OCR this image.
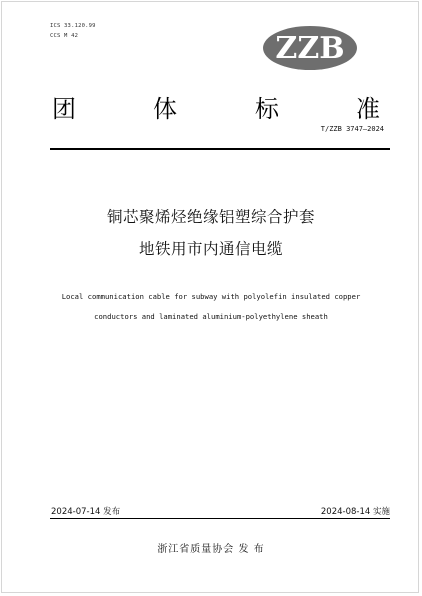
ICS 33.120.99
CCS M 42	ZZB
团	体	标	准
T/ZZB 3747—2024
铜芯聚烯烃绝缘铝塑综合护套
地铁用市内通信电缆
Local communication cable for subway with polyolefin insulated copper
conductors and laminated aluminium-polyethylene sheath
2024-07-14 发布	2024-08-14 实施
浙江省质量协会 发 布
